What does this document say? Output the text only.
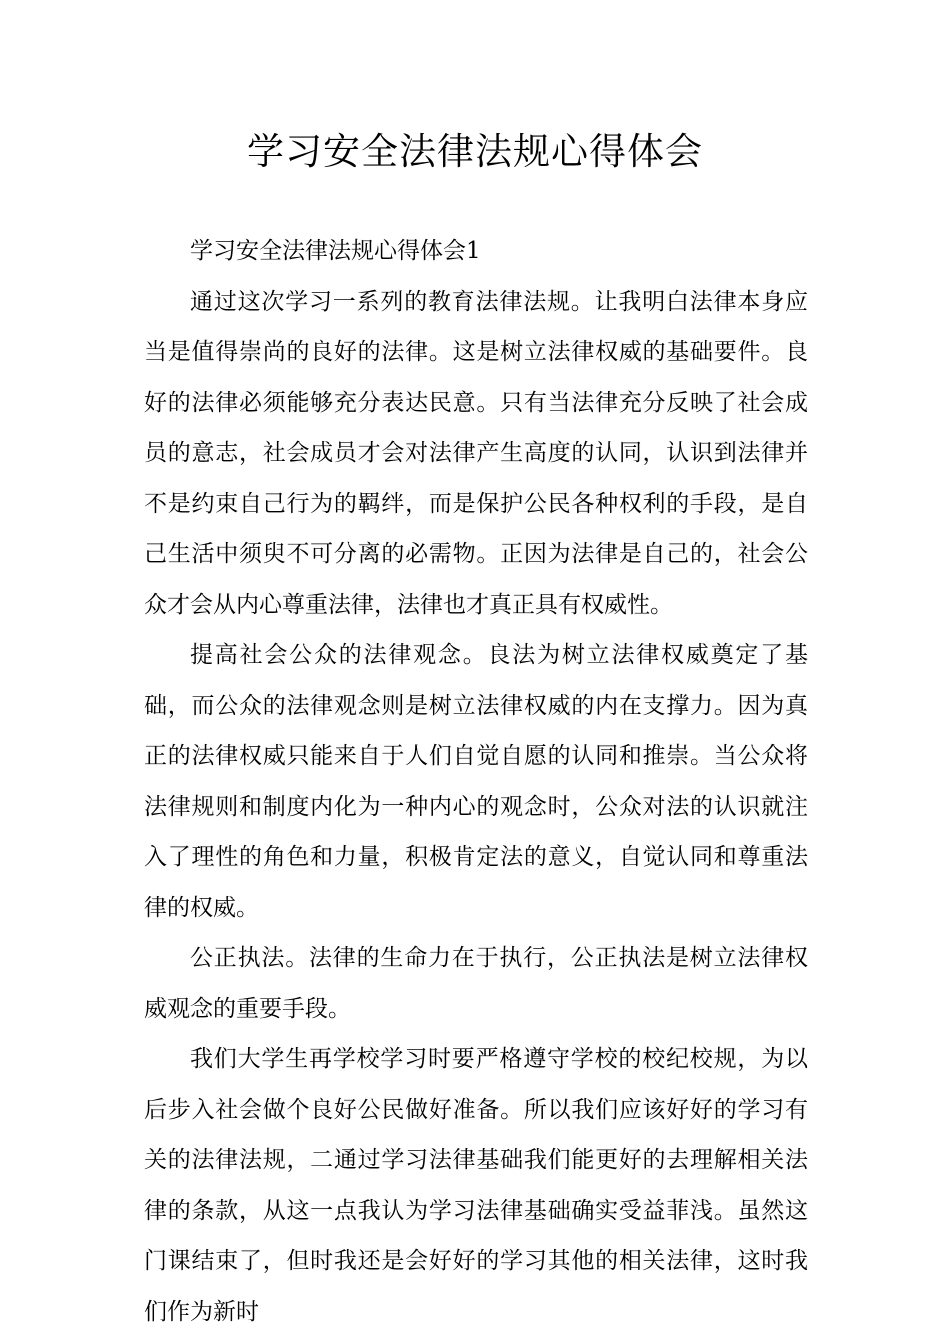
学习安全法律法规心得体会

学习安全法律法规心得体会1

通过这次学习一系列的教育法律法规。让我明白法律本身应当是值得崇尚的良好的法律。这是树立法律权威的基础要件。良好的法律必须能够充分表达民意。只有当法律充分反映了社会成员的意志，社会成员才会对法律产生高度的认同，认识到法律并不是约束自己行为的羁绊，而是保护公民各种权利的手段，是自己生活中须臾不可分离的必需物。正因为法律是自己的，社会公众才会从内心尊重法律，法律也才真正具有权威性。

提高社会公众的法律观念。良法为树立法律权威奠定了基础，而公众的法律观念则是树立法律权威的内在支撑力。因为真正的法律权威只能来自于人们自觉自愿的认同和推崇。当公众将法律规则和制度内化为一种内心的观念时，公众对法的认识就注入了理性的角色和力量，积极肯定法的意义，自觉认同和尊重法律的权威。

公正执法。法律的生命力在于执行，公正执法是树立法律权威观念的重要手段。

我们大学生再学校学习时要严格遵守学校的校纪校规，为以后步入社会做个良好公民做好准备。所以我们应该好好的学习有关的法律法规，二通过学习法律基础我们能更好的去理解相关法律的条款，从这一点我认为学习法律基础确实受益菲浅。虽然这门课结束了，但时我还是会好好的学习其他的相关法律，这时我们作为新时
